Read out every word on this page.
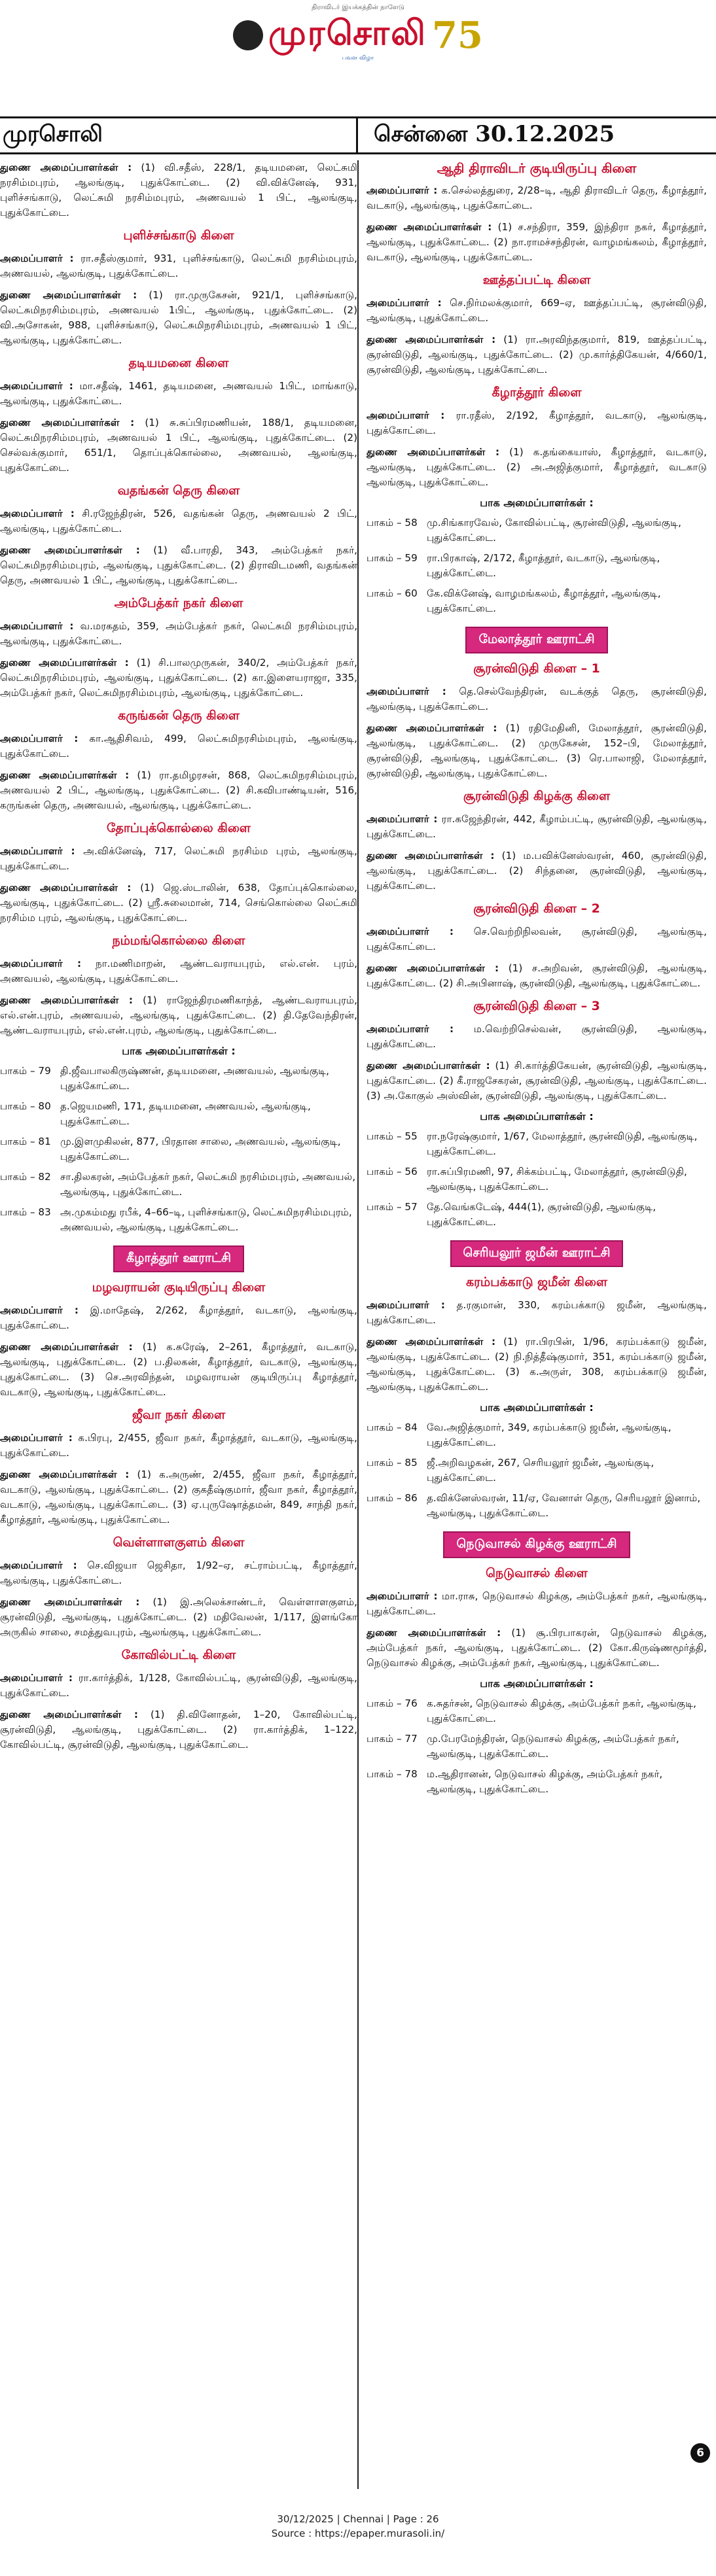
திராவிடர் இயக்கத்தின் நாளேடு
முரசொலி 75
பவள விழா
முரசொலி	சென்னை 30.12.2025

துணை அமைப்பாளர்கள் : (1) வி.சதீஸ், 228/1, தடியமனை, லெட்சுமி நரசிம்மபுரம், ஆலங்குடி, புதுக்கோட்டை. (2) வி.விக்னேஷ், 931, புளிச்சங்காடு, லெட்சுமி நரசிம்மபுரம், அணவயல் 1 பிட், ஆலங்குடி, புதுக்கோட்டை.

புளிச்சங்காடு கிளை

அமைப்பாளர் : ரா.சதீஸ்குமார், 931, புளிச்சங்காடு, லெட்சுமி நரசிம்மபுரம், அணவயல், ஆலங்குடி, புதுக்கோட்டை.

துணை அமைப்பாளர்கள் : (1) ரா.முருகேசன், 921/1, புளிச்சங்காடு, லெட்சுமிநரசிம்மபுரம், அணவயல் 1பிட், ஆலங்குடி, புதுக்கோட்டை. (2) வி.அசோகன், 988, புளிச்சங்காடு, லெட்சுமிநரசிம்மபுரம், அணவயல் 1 பிட், ஆலங்குடி, புதுக்கோட்டை.

தடியமனை கிளை

அமைப்பாளர் : மா.சதீஷ், 1461, தடியமனை, அணவயல் 1பிட், மாங்காடு, ஆலங்குடி, புதுக்கோட்டை.

துணை அமைப்பாளர்கள் : (1) சு.சுப்பிரமணியன், 188/1, தடியமனை, லெட்சுமிநரசிம்மபுரம், அணவயல் 1 பிட், ஆலங்குடி, புதுக்கோட்டை. (2) செல்வக்குமார், 651/1, தொப்புக்கொல்லை, அணவயல், ஆலங்குடி, புதுக்கோட்டை.

வதங்கன் தெரு கிளை

அமைப்பாளர் : சி.ரஜேந்திரன், 526, வதங்கன் தெரு, அணவயல் 2 பிட், ஆலங்குடி, புதுக்கோட்டை.

துணை அமைப்பாளர்கள் : (1) வீ.பாரதி, 343, அம்பேத்கர் நகர், லெட்சுமிநரசிம்மபுரம், ஆலங்குடி, புதுக்கோட்டை. (2) திராவிடமணி, வதங்கன் தெரு, அணவயல் 1 பிட், ஆலங்குடி, புதுக்கோட்டை.

அம்பேத்கர் நகர் கிளை

அமைப்பாளர் : வ.மரகதம், 359, அம்பேத்கர் நகர், லெட்சுமி நரசிம்மபுரம், ஆலங்குடி, புதுக்கோட்டை.

துணை அமைப்பாளர்கள் : (1) சி.பாலமுருகன், 340/2, அம்பேத்கர் நகர், லெட்சுமிநரசிம்மபுரம், ஆலங்குடி, புதுக்கோட்டை. (2) கா.இளையராஜா, 335, அம்பேத்கர் நகர், லெட்சுமிநரசிம்மபுரம், ஆலங்குடி, புதுக்கோட்டை.

கருங்கன் தெரு கிளை

அமைப்பாளர் : கா.ஆதிசிவம், 499, லெட்சுமிநரசிம்மபுரம், ஆலங்குடி, புதுக்கோட்டை.

துணை அமைப்பாளர்கள் : (1) ரா.தமிழரசன், 868, லெட்சுமிநரசிம்மபுரம், அணவயல் 2 பிட், ஆலங்குடி, புதுக்கோட்டை. (2) சி.கவிபாண்டியன், 516, கருங்கன் தெரு, அணவயல், ஆலங்குடி, புதுக்கோட்டை.

தோப்புக்கொல்லை கிளை

அமைப்பாளர் : அ.விக்னேஷ், 717, லெட்சுமி நரசிம்ம புரம், ஆலங்குடி, புதுக்கோட்டை.

துணை அமைப்பாளர்கள் : (1) ஜெ.ஸ்டாலின், 638, தோப்புக்கொல்லை, ஆலங்குடி, புதுக்கோட்டை. (2) ஸ்ரீ.சுலைமான், 714, செங்கொல்லை லெட்சுமி நரசிம்ம புரம், ஆலங்குடி, புதுக்கோட்டை.

நம்மங்கொல்லை கிளை

அமைப்பாளர் : நா.மணிமாறன், ஆண்டவராயபுரம், எல்.என். புரம், அணவயல், ஆலங்குடி, புதுக்கோட்டை.

துணை அமைப்பாளர்கள் : (1) ராஜேந்திரமணிகாந்த், ஆண்டவராயபுரம், எல்.என்.புரம், அணவயல், ஆலங்குடி, புதுக்கோட்டை. (2) தி.தேவேந்திரன், ஆண்டவராயபுரம், எல்.என்.புரம், ஆலங்குடி, புதுக்கோட்டை.

பாக அமைப்பாளர்கள் :
பாகம் – 79 தி.ஜீவபாலகிருஷ்ணன், தடியமனை, அணவயல், ஆலங்குடி, புதுக்கோட்டை.
பாகம் – 80 த.ஜெயமணி, 171, தடியமனை, அணவயல், ஆலங்குடி, புதுக்கோட்டை.
பாகம் – 81 மு.இளமுகிலன், 877, பிரதான சாலை, அணவயல், ஆலங்குடி, புதுக்கோட்டை.
பாகம் – 82 சா.திலகரன், அம்பேத்கர் நகர், லெட்சுமி நரசிம்மபுரம், அணவயல், ஆலங்குடி, புதுக்கோட்டை.
பாகம் – 83 அ.முகம்மது ரபீக், 4–66–டி, புளிச்சங்காடு, லெட்சுமிநரசிம்மபுரம், அணவயல், ஆலங்குடி, புதுக்கோட்டை.
கீழாத்தூர் ஊராட்சி
மழவராயன் குடியிருப்பு கிளை

அமைப்பாளர் : இ.மாதேஷ், 2/262, கீழாத்தூர், வடகாடு, ஆலங்குடி, புதுக்கோட்டை.

துணை அமைப்பாளர்கள் : (1) க.சுரேஷ், 2–261, கீழாத்தூர், வடகாடு, ஆலங்குடி, புதுக்கோட்டை. (2) ப.திலகன், கீழாத்தூர், வடகாடு, ஆலங்குடி, புதுக்கோட்டை. (3) செ.அரவிந்தன், மழவராயன் குடியிருப்பு கீழாத்தூர், வடகாடு, ஆலங்குடி, புதுக்கோட்டை.

ஜீவா நகர் கிளை

அமைப்பாளர் : க.பிரபு, 2/455, ஜீவா நகர், கீழாத்தூர், வடகாடு, ஆலங்குடி, புதுக்கோட்டை.

துணை அமைப்பாளர்கள் : (1) க.அருண், 2/455, ஜீவா நகர், கீழாத்தூர், வடகாடு, ஆலங்குடி, புதுக்கோட்டை. (2) குகதீஷ்குமார், ஜீவா நகர், கீழாத்தூர், வடகாடு, ஆலங்குடி, புதுக்கோட்டை. (3) ஏ.புருஷோத்தமன், 849, சாந்தி நகர், கீழாத்தூர், ஆலங்குடி, புதுக்கோட்டை.

வெள்ளாளகுளம் கிளை

அமைப்பாளர் : செ.விஜயா ஜெசிதா, 1/92–ஏ, சட்ராம்பட்டி, கீழாத்தூர், ஆலங்குடி, புதுக்கோட்டை.

துணை அமைப்பாளர்கள் : (1) இ.அலெக்சாண்டர், வெள்ளாளகுளம், சூரன்விடுதி, ஆலங்குடி, புதுக்கோட்டை. (2) மதிவேலன், 1/117, இளங்கோ அருகில் சாலை, சமத்துவபுரம், ஆலங்குடி, புதுக்கோட்டை.

கோவில்பட்டி கிளை

அமைப்பாளர் : ரா.கார்த்திக், 1/128, கோவில்பட்டி, சூரன்விடுதி, ஆலங்குடி, புதுக்கோட்டை.

துணை அமைப்பாளர்கள் : (1) தி.வினோதன், 1–20, கோவில்பட்டி, சூரன்விடுதி, ஆலங்குடி, புதுக்கோட்டை. (2) ரா.கார்த்திக், 1–122, கோவில்பட்டி, சூரன்விடுதி, ஆலங்குடி, புதுக்கோட்டை.

ஆதி திராவிடர் குடியிருப்பு கிளை

அமைப்பாளர் : க.செல்லத்துரை, 2/28–டி, ஆதி திராவிடர் தெரு, கீழாத்தூர், வடகாடு, ஆலங்குடி, புதுக்கோட்டை.

துணை அமைப்பாளர்கள் : (1) ச.சந்திரா, 359, இந்திரா நகர், கீழாத்தூர், ஆலங்குடி, புதுக்கோட்டை. (2) நா.ராமச்சந்திரன், வாழமங்கலம், கீழாத்தூர், வடகாடு, ஆலங்குடி, புதுக்கோட்டை.

ஊத்தப்பட்டி கிளை

அமைப்பாளர் : செ.நிர்மலக்குமார், 669–ஏ, ஊத்தப்பட்டி, சூரன்விடுதி, ஆலங்குடி, புதுக்கோட்டை.

துணை அமைப்பாளர்கள் : (1) ரா.அரவிந்தகுமார், 819, ஊத்தப்பட்டி, சூரன்விடுதி, ஆலங்குடி, புதுக்கோட்டை. (2) மு.கார்த்திகேயன், 4/660/1, சூரன்விடுதி, ஆலங்குடி, புதுக்கோட்டை.

கீழாத்தூர் கிளை

அமைப்பாளர் : ரா.ரதீஸ், 2/192, கீழாத்தூர், வடகாடு, ஆலங்குடி, புதுக்கோட்டை.

துணை அமைப்பாளர்கள் : (1) க.தங்கையாஸ், கீழாத்தூர், வடகாடு, ஆலங்குடி, புதுக்கோட்டை. (2) அ.அஜித்குமார், கீழாத்தூர், வடகாடு ஆலங்குடி, புதுக்கோட்டை.

பாக அமைப்பாளர்கள் :
பாகம் – 58 மு.சிங்காரவேல், கோவில்பட்டி, சூரன்விடுதி, ஆலங்குடி, புதுக்கோட்டை.
பாகம் – 59 ரா.பிரகாஷ், 2/172, கீழாத்தூர், வடகாடு, ஆலங்குடி, புதுக்கோட்டை.
பாகம் – 60 கே.விக்னேஷ், வாழமங்கலம், கீழாத்தூர், ஆலங்குடி, புதுக்கோட்டை.
மேலாத்தூர் ஊராட்சி
சூரன்விடுதி கிளை – 1

அமைப்பாளர் : தெ.செல்வேந்திரன், வடக்குத் தெரு, சூரன்விடுதி, ஆலங்குடி, புதுக்கோட்டை.

துணை அமைப்பாளர்கள் : (1) ரதிமேதினி, மேலாத்தூர், சூரன்விடுதி, ஆலங்குடி, புதுக்கோட்டை. (2) முருகேசன், 152–பி, மேலாத்தூர், சூரன்விடுதி, ஆலங்குடி, புதுக்கோட்டை. (3) ரெ.பாலாஜி, மேலாத்தூர், சூரன்விடுதி, ஆலங்குடி, புதுக்கோட்டை.

சூரன்விடுதி கிழக்கு கிளை

அமைப்பாளர் : ரா.கஜேந்திரன், 442, கீழாம்பட்டி, சூரன்விடுதி, ஆலங்குடி, புதுக்கோட்டை.

துணை அமைப்பாளர்கள் : (1) ம.பவிக்னேஸ்வரன், 460, சூரன்விடுதி, ஆலங்குடி, புதுக்கோட்டை. (2) சிந்தனை, சூரன்விடுதி, ஆலங்குடி, புதுக்கோட்டை.

சூரன்விடுதி கிளை – 2

அமைப்பாளர் : செ.வெற்றிநிலவன், சூரன்விடுதி, ஆலங்குடி, புதுக்கோட்டை.

துணை அமைப்பாளர்கள் : (1) ச.அறிவன், சூரன்விடுதி, ஆலங்குடி, புதுக்கோட்டை. (2) சி.அபினாஷ், சூரன்விடுதி, ஆலங்குடி, புதுக்கோட்டை.

சூரன்விடுதி கிளை – 3

அமைப்பாளர் : ம.வெற்றிசெல்வன், சூரன்விடுதி, ஆலங்குடி, புதுக்கோட்டை.

துணை அமைப்பாளர்கள் : (1) சி.கார்த்திகேயன், சூரன்விடுதி, ஆலங்குடி, புதுக்கோட்டை. (2) கீ.ராஜசேகரன், சூரன்விடுதி, ஆலங்குடி, புதுக்கோட்டை. (3) அ.கோகுல் அஸ்வின், சூரன்விடுதி, ஆலங்குடி, புதுக்கோட்டை.

பாக அமைப்பாளர்கள் :
பாகம் – 55 ரா.நரேஷ்குமார், 1/67, மேலாத்தூர், சூரன்விடுதி, ஆலங்குடி, புதுக்கோட்டை.
பாகம் – 56 ரா.சுப்பிரமணி, 97, சிக்கம்பட்டி, மேலாத்தூர், சூரன்விடுதி, ஆலங்குடி, புதுக்கோட்டை.
பாகம் – 57 தே.வெங்கடேஷ், 444(1), சூரன்விடுதி, ஆலங்குடி, புதுக்கோட்டை.
செரியலூர் ஜமீன் ஊராட்சி
கரம்பக்காடு ஜமீன் கிளை

அமைப்பாளர் : த.ரகுமான், 330, கரம்பக்காடு ஜமீன், ஆலங்குடி, புதுக்கோட்டை.

துணை அமைப்பாளர்கள் : (1) ரா.பிரபின், 1/96, கரம்பக்காடு ஜமீன், ஆலங்குடி, புதுக்கோட்டை. (2) நி.நித்தீஷ்குமார், 351, கரம்பக்காடு ஜமீன், ஆலங்குடி, புதுக்கோட்டை. (3) க.அருள், 308, கரம்பக்காடு ஜமீன், ஆலங்குடி, புதுக்கோட்டை.

பாக அமைப்பாளர்கள் :
பாகம் – 84 வே.அஜித்குமார், 349, கரம்பக்காடு ஜமீன், ஆலங்குடி, புதுக்கோட்டை.
பாகம் – 85 ஜீ.அறிவழகன், 267, செரியலூர் ஜமீன், ஆலங்குடி, புதுக்கோட்டை.
பாகம் – 86 த.விக்னேஸ்வரன், 11/ஏ, வேனாள் தெரு, செரியலூர் இனாம், ஆலங்குடி, புதுக்கோட்டை.
நெடுவாசல் கிழக்கு ஊராட்சி
நெடுவாசல் கிளை

அமைப்பாளர் : மா.ராசு, நெடுவாசல் கிழக்கு, அம்பேத்கர் நகர், ஆலங்குடி, புதுக்கோட்டை.

துணை அமைப்பாளர்கள் : (1) சூ.பிரபாகரன், நெடுவாசல் கிழக்கு, அம்பேத்கர் நகர், ஆலங்குடி, புதுக்கோட்டை. (2) கோ.கிருஷ்ணமூர்த்தி, நெடுவாசல் கிழக்கு, அம்பேத்கர் நகர், ஆலங்குடி, புதுக்கோட்டை.

பாக அமைப்பாளர்கள் :
பாகம் – 76 க.சுதர்சன், நெடுவாசல் கிழக்கு, அம்பேத்கர் நகர், ஆலங்குடி, புதுக்கோட்டை.
பாகம் – 77 மு.பேரமேந்திரன், நெடுவாசல் கிழக்கு, அம்பேத்கர் நகர், ஆலங்குடி, புதுக்கோட்டை.
பாகம் – 78 ம.ஆதிரானன், நெடுவாசல் கிழக்கு, அம்பேத்கர் நகர், ஆலங்குடி, புதுக்கோட்டை.
6
30/12/2025 | Chennai | Page : 26
Source : https://epaper.murasoli.in/
